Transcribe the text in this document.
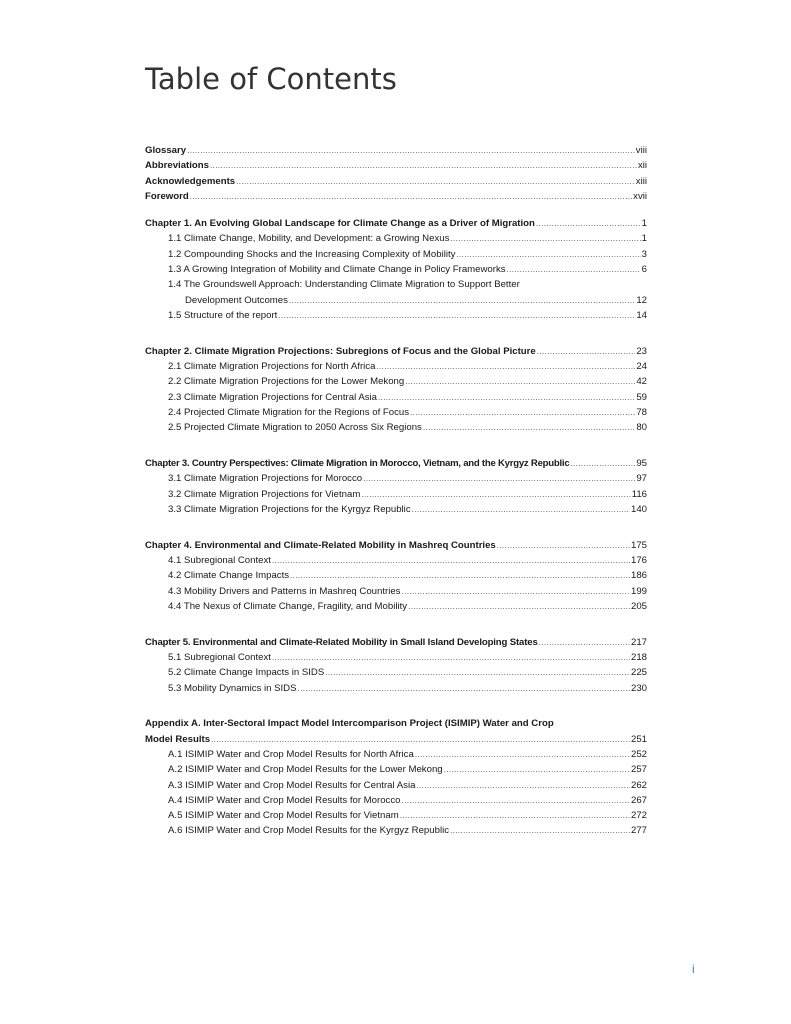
Table of Contents
Glossary .....	viii
Abbreviations .....	xii
Acknowledgements .....	xiii
Foreword .....	xvii
Chapter 1. An Evolving Global Landscape for Climate Change as a Driver of Migration .....	1
1.1 Climate Change, Mobility, and Development: a Growing Nexus .....	1
1.2 Compounding Shocks and the Increasing Complexity of Mobility .....	3
1.3 A Growing Integration of Mobility and Climate Change in Policy Frameworks .....	6
1.4 The Groundswell Approach: Understanding Climate Migration to Support Better
Development Outcomes .....	12
1.5 Structure of the report .....	14
Chapter 2. Climate Migration Projections: Subregions of Focus and the Global Picture .....	23
2.1 Climate Migration Projections for North Africa .....	24
2.2 Climate Migration Projections for the Lower Mekong .....	42
2.3 Climate Migration Projections for Central Asia .....	59
2.4 Projected Climate Migration for the Regions of Focus .....	78
2.5 Projected Climate Migration to 2050 Across Six Regions .....	80
Chapter 3. Country Perspectives: Climate Migration in Morocco, Vietnam, and the Kyrgyz Republic .....	95
3.1 Climate Migration Projections for Morocco .....	97
3.2 Climate Migration Projections for Vietnam .....	116
3.3 Climate Migration Projections for the Kyrgyz Republic .....	140
Chapter 4. Environmental and Climate-Related Mobility in Mashreq Countries .....	175
4.1 Subregional Context .....	176
4.2 Climate Change Impacts .....	186
4.3 Mobility Drivers and Patterns in Mashreq Countries .....	199
4.4 The Nexus of Climate Change, Fragility, and Mobility .....	205
Chapter 5. Environmental and Climate-Related Mobility in Small Island Developing States .....	217
5.1 Subregional Context .....	218
5.2 Climate Change Impacts in SIDS .....	225
5.3 Mobility Dynamics in SIDS .....	230
Appendix A. Inter-Sectoral Impact Model Intercomparison Project (ISIMIP) Water and Crop
Model Results .....	251
A.1 ISIMIP Water and Crop Model Results for North Africa .....	252
A.2 ISIMIP Water and Crop Model Results for the Lower Mekong .....	257
A.3 ISIMIP Water and Crop Model Results for Central Asia .....	262
A.4 ISIMIP Water and Crop Model Results for Morocco .....	267
A.5 ISIMIP Water and Crop Model Results for Vietnam .....	272
A.6 ISIMIP Water and Crop Model Results for the Kyrgyz Republic .....	277
i
